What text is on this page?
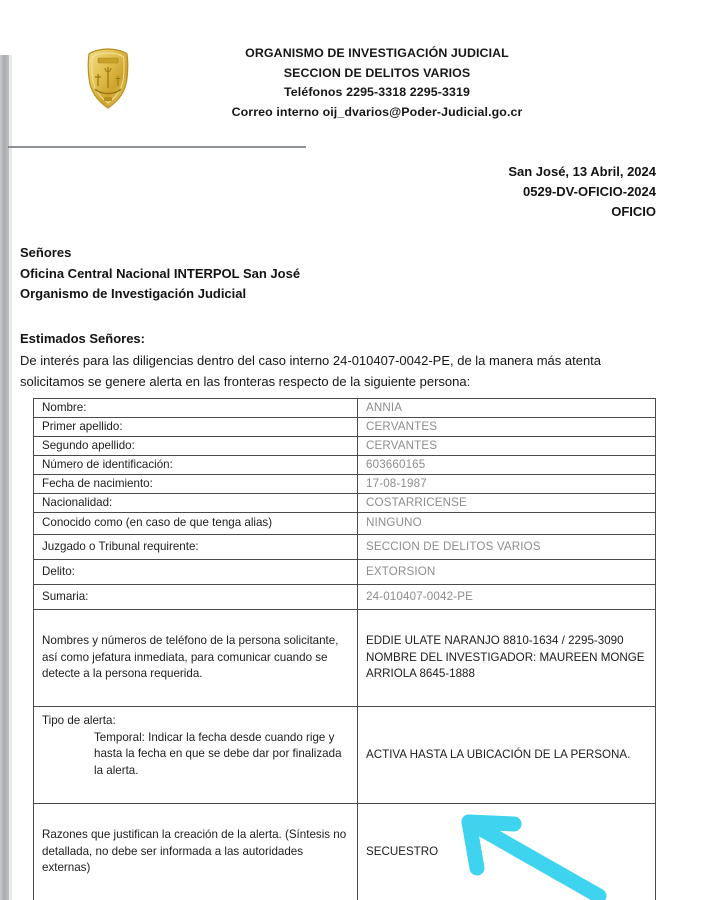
ORGANISMO DE INVESTIGACIÓN JUDICIAL
SECCION DE DELITOS VARIOS
Teléfonos 2295-3318 2295-3319
Correo interno oij_dvarios@Poder-Judicial.go.cr
San José, 13 Abril, 2024
0529-DV-OFICIO-2024
OFICIO
Señores
Oficina Central Nacional INTERPOL San José
Organismo de Investigación Judicial
Estimados Señores:
De interés para las diligencias dentro del caso interno 24-010407-0042-PE, de la manera más atenta solicitamos se genere alerta en las fronteras respecto de la siguiente persona:
Nombre:	ANNIA
Primer apellido:	CERVANTES
Segundo apellido:	CERVANTES
Número de identificación:	603660165
Fecha de nacimiento:	17-08-1987
Nacionalidad:	COSTARRICENSE
Conocido como (en caso de que tenga alias)	NINGUNO
Juzgado o Tribunal requirente:	SECCION DE DELITOS VARIOS
Delito:	EXTORSION
Sumaria:	24-010407-0042-PE
Nombres y números de teléfono de la persona solicitante, así como jefatura inmediata, para comunicar cuando se detecte a la persona requerida.	EDDIE ULATE NARANJO 8810-1634 / 2295-3090 NOMBRE DEL INVESTIGADOR: MAUREEN MONGE ARRIOLA 8645-1888

Tipo de alerta:
Temporal: Indicar la fecha desde cuando rige y hasta la fecha en que se debe dar por finalizada la alerta.	ACTIVA HASTA LA UBICACIÓN DE LA PERSONA.
Razones que justifican la creación de la alerta. (Síntesis no detallada, no debe ser informada a las autoridades externas)	SECUESTRO
